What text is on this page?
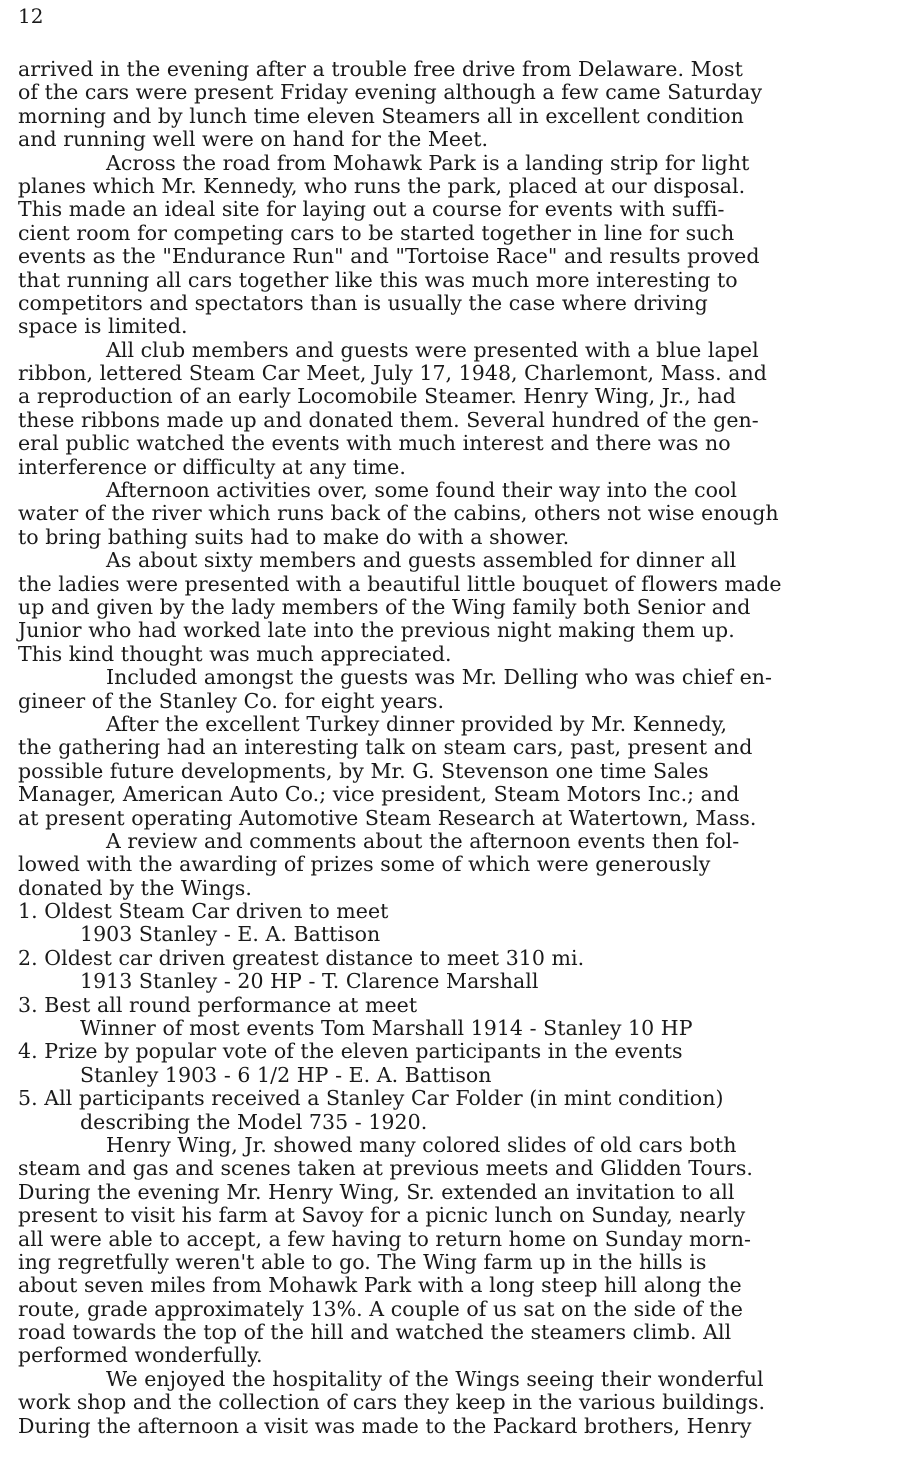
12
arrived in the evening after a trouble free drive from Delaware. Most
of the cars were present Friday evening although a few came Saturday
morning and by lunch time eleven Steamers all in excellent condition
and running well were on hand for the Meet.
Across the road from Mohawk Park is a landing strip for light
planes which Mr. Kennedy, who runs the park, placed at our disposal.
This made an ideal site for laying out a course for events with suffi-
cient room for competing cars to be started together in line for such
events as the "Endurance Run" and "Tortoise Race" and results proved
that running all cars together like this was much more interesting to
competitors and spectators than is usually the case where driving
space is limited.
All club members and guests were presented with a blue lapel
ribbon, lettered Steam Car Meet, July 17, 1948, Charlemont, Mass. and
a reproduction of an early Locomobile Steamer. Henry Wing, Jr., had
these ribbons made up and donated them. Several hundred of the gen-
eral public watched the events with much interest and there was no
interference or difficulty at any time.
Afternoon activities over, some found their way into the cool
water of the river which runs back of the cabins, others not wise enough
to bring bathing suits had to make do with a shower.
As about sixty members and guests assembled for dinner all
the ladies were presented with a beautiful little bouquet of flowers made
up and given by the lady members of the Wing family both Senior and
Junior who had worked late into the previous night making them up.
This kind thought was much appreciated.
Included amongst the guests was Mr. Delling who was chief en-
gineer of the Stanley Co. for eight years.
After the excellent Turkey dinner provided by Mr. Kennedy,
the gathering had an interesting talk on steam cars, past, present and
possible future developments, by Mr. G. Stevenson one time Sales
Manager, American Auto Co.; vice president, Steam Motors Inc.; and
at present operating Automotive Steam Research at Watertown, Mass.
A review and comments about the afternoon events then fol-
lowed with the awarding of prizes some of which were generously
donated by the Wings.
1. Oldest Steam Car driven to meet
1903 Stanley - E. A. Battison
2. Oldest car driven greatest distance to meet 310 mi.
1913 Stanley - 20 HP - T. Clarence Marshall
3. Best all round performance at meet
Winner of most events Tom Marshall 1914 - Stanley 10 HP
4. Prize by popular vote of the eleven participants in the events
Stanley 1903 - 6 1/2 HP - E. A. Battison
5. All participants received a Stanley Car Folder (in mint condition)
describing the Model 735 - 1920.
Henry Wing, Jr. showed many colored slides of old cars both
steam and gas and scenes taken at previous meets and Glidden Tours.
During the evening Mr. Henry Wing, Sr. extended an invitation to all
present to visit his farm at Savoy for a picnic lunch on Sunday, nearly
all were able to accept, a few having to return home on Sunday morn-
ing regretfully weren't able to go. The Wing farm up in the hills is
about seven miles from Mohawk Park with a long steep hill along the
route, grade approximately 13%. A couple of us sat on the side of the
road towards the top of the hill and watched the steamers climb. All
performed wonderfully.
We enjoyed the hospitality of the Wings seeing their wonderful
work shop and the collection of cars they keep in the various buildings.
During the afternoon a visit was made to the Packard brothers, Henry
